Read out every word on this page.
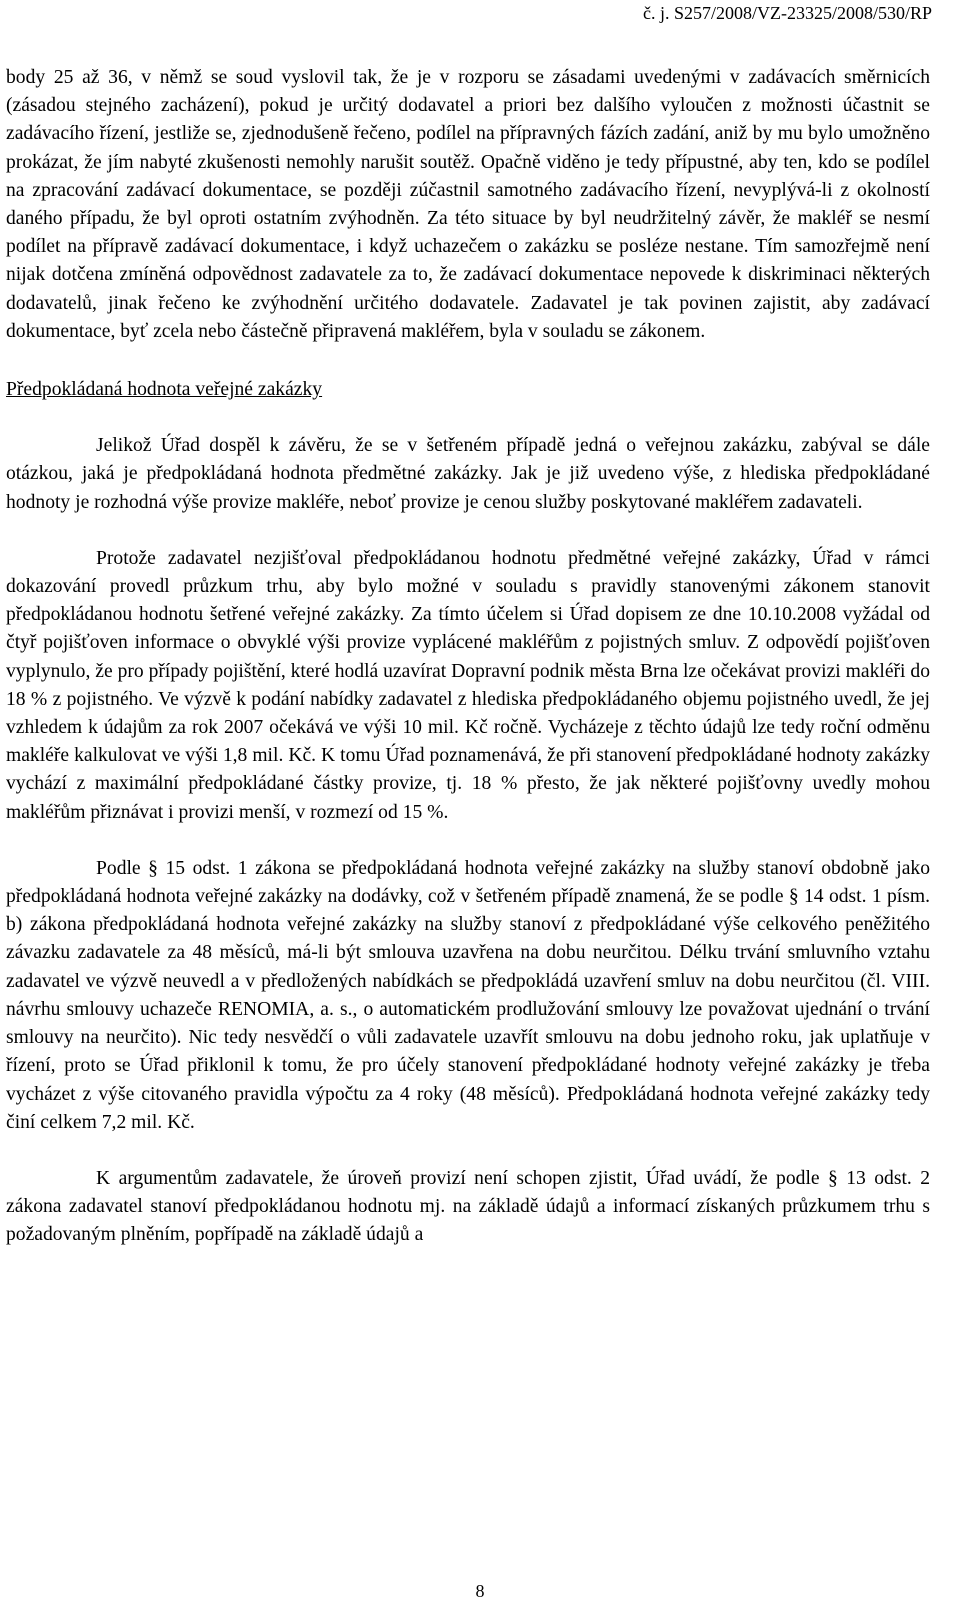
č. j. S257/2008/VZ-23325/2008/530/RP

body 25 až 36, v němž se soud vyslovil tak, že je v rozporu se zásadami uvedenými v zadávacích směrnicích (zásadou stejného zacházení), pokud je určitý dodavatel a priori bez dalšího vyloučen z možnosti účastnit se zadávacího řízení, jestliže se, zjednodušeně řečeno, podílel na přípravných fázích zadání, aniž by mu bylo umožněno prokázat, že jím nabyté zkušenosti nemohly narušit soutěž. Opačně viděno je tedy přípustné, aby ten, kdo se podílel na zpracování zadávací dokumentace, se později zúčastnil samotného zadávacího řízení, nevyplývá-li z okolností daného případu, že byl oproti ostatním zvýhodněn. Za této situace by byl neudržitelný závěr, že makléř se nesmí podílet na přípravě zadávací dokumentace, i když uchazečem o zakázku se posléze nestane. Tím samozřejmě není nijak dotčena zmíněná odpovědnost zadavatele za to, že zadávací dokumentace nepovede k diskriminaci některých dodavatelů, jinak řečeno ke zvýhodnění určitého dodavatele. Zadavatel je tak povinen zajistit, aby zadávací dokumentace, byť zcela nebo částečně připravená makléřem, byla v souladu se zákonem.

Předpokládaná hodnota veřejné zakázky

Jelikož Úřad dospěl k závěru, že se v šetřeném případě jedná o veřejnou zakázku, zabýval se dále otázkou, jaká je předpokládaná hodnota předmětné zakázky. Jak je již uvedeno výše, z hlediska předpokládané hodnoty je rozhodná výše provize makléře, neboť provize je cenou služby poskytované makléřem zadavateli.

Protože zadavatel nezjišťoval předpokládanou hodnotu předmětné veřejné zakázky, Úřad v rámci dokazování provedl průzkum trhu, aby bylo možné v souladu s pravidly stanovenými zákonem stanovit předpokládanou hodnotu šetřené veřejné zakázky. Za tímto účelem si Úřad dopisem ze dne 10.10.2008 vyžádal od čtyř pojišťoven informace o obvyklé výši provize vyplácené makléřům z pojistných smluv. Z odpovědí pojišťoven vyplynulo, že pro případy pojištění, které hodlá uzavírat Dopravní podnik města Brna lze očekávat provizi makléři do 18 % z pojistného. Ve výzvě k podání nabídky zadavatel z hlediska předpokládaného objemu pojistného uvedl, že jej vzhledem k údajům za rok 2007 očekává ve výši 10 mil. Kč ročně. Vycházeje z těchto údajů lze tedy roční odměnu makléře kalkulovat ve výši 1,8 mil. Kč. K tomu Úřad poznamenává, že při stanovení předpokládané hodnoty zakázky vychází z maximální předpokládané částky provize, tj. 18 % přesto, že jak některé pojišťovny uvedly mohou makléřům přiznávat i provizi menší, v rozmezí od 15 %.

Podle § 15 odst. 1 zákona se předpokládaná hodnota veřejné zakázky na služby stanoví obdobně jako předpokládaná hodnota veřejné zakázky na dodávky, což v šetřeném případě znamená, že se podle § 14 odst. 1 písm. b) zákona předpokládaná hodnota veřejné zakázky na služby stanoví z předpokládané výše celkového peněžitého závazku zadavatele za 48 měsíců, má-li být smlouva uzavřena na dobu neurčitou. Délku trvání smluvního vztahu zadavatel ve výzvě neuvedl a v předložených nabídkách se předpokládá uzavření smluv na dobu neurčitou (čl. VIII. návrhu smlouvy uchazeče RENOMIA, a. s., o automatickém prodlužování smlouvy lze považovat ujednání o trvání smlouvy na neurčito). Nic tedy nesvědčí o vůli zadavatele uzavřít smlouvu na dobu jednoho roku, jak uplatňuje v řízení, proto se Úřad přiklonil k tomu, že pro účely stanovení předpokládané hodnoty veřejné zakázky je třeba vycházet z výše citovaného pravidla výpočtu za 4 roky (48 měsíců). Předpokládaná hodnota veřejné zakázky tedy činí celkem 7,2 mil. Kč.

K argumentům zadavatele, že úroveň provizí není schopen zjistit, Úřad uvádí, že podle § 13 odst. 2 zákona zadavatel stanoví předpokládanou hodnotu mj. na základě údajů a informací získaných průzkumem trhu s požadovaným plněním, popřípadě na základě údajů a

8
